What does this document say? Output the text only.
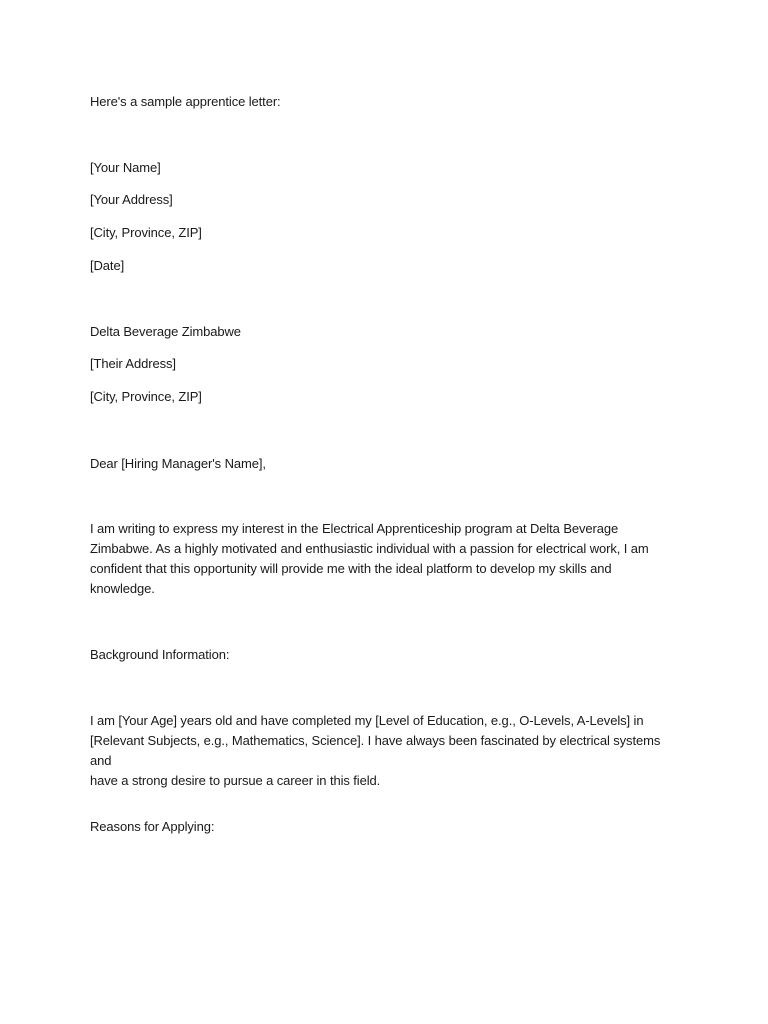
Here's a sample apprentice letter:
[Your Name]
[Your Address]
[City, Province, ZIP]
[Date]
Delta Beverage Zimbabwe
[Their Address]
[City, Province, ZIP]
Dear [Hiring Manager's Name],
I am writing to express my interest in the Electrical Apprenticeship program at Delta Beverage
Zimbabwe. As a highly motivated and enthusiastic individual with a passion for electrical work, I am
confident that this opportunity will provide me with the ideal platform to develop my skills and
knowledge.
Background Information:
I am [Your Age] years old and have completed my [Level of Education, e.g., O-Levels, A-Levels] in
[Relevant Subjects, e.g., Mathematics, Science]. I have always been fascinated by electrical systems and
have a strong desire to pursue a career in this field.
Reasons for Applying:
